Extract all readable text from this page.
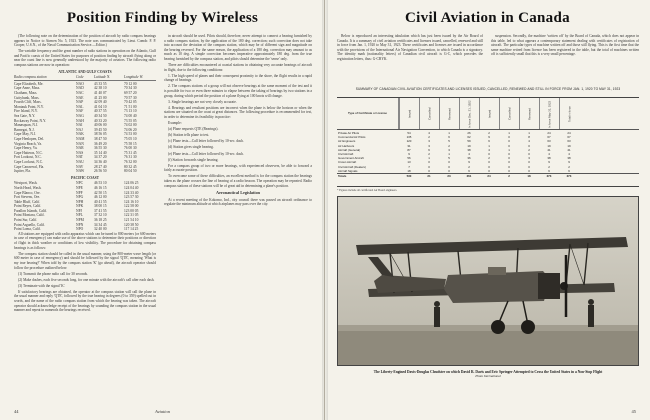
Position Finding by Wireless

(The following note on the determination of the position of aircraft by radio compass bearings appears in Notice to Airmen No. 5, 1923. The note was communicated by Lieut. Comdr. F. P. Cooper, U.S.N., of the Naval Communication Service.—Editor.)

The variable frequency and the great number of radio stations in operation on the Atlantic, Gulf and Pacific coasts of the United States for purposes of position finding by aircraft flying along or near the coast line is now generally understood by the majority of aviators. The following radio compass stations are now in operation:

ATLANTIC AND GULF COASTS
Radio compass station	Code	Latitude N.	Longitude W.
Cape Elizabeth, Me.	NAO	43 33 55	70 12 00
Cape Anne, Mass.	NAD	42 38 10	70 34 30
Chatham, Mass.	NAC	41 40 07	69 57 20
Cuttyhunk, Mass.	NAE	41 25 00	70 57 30
Fourth Cliff, Mass.	NAP	42 09 40	70 42 05
Montauk Point, N.Y.	NAL	41 04 10	71 51 00
Fire Island, N.Y.	NAF	40 37 55	73 13 10
Sea Gate, N.Y.	NAG	40 34 50	74 00 40
Rockaway Point, N.Y.	NAH	40 33 20	73 55 05
Manasquan, N.J.	NAI	40 06 00	74 02 00
Barnegat, N.J.	NAJ	39 45 50	74 06 20
Cape May, N.J.	NAK	38 56 05	74 53 00
Cape Henlopen, Del.	NAM	38 47 50	75 05 10
Virginia Beach, Va.	NAN	36 49 20	75 58 15
Cape Henry, Va.	NAR	36 55 30	76 00 30
Cape Hatteras, N.C.	NAS	35 14 40	75 31 45
Fort Lookout, N.C.	NAT	34 37 20	76 31 30
Cape Lookout, N.C.	NAU	34 36 40	76 32 00
Cape Canaveral, Fla.	NAV	28 27 40	80 32 45
Jupiter, Fla.	NAW	26 56 50	80 04 50
PACIFIC COAST
Westport, Wash.	NPC	46 53 10	124 06 25
North Head, Wash.	NPE	46 16 15	124 04 40
Cape Blanco, Ore.	NPF	42 50 15	124 33 40
Fort Stevens, Ore.	NPG	46 12 00	123 57 30
Table Bluff, Calif.	NPH	40 41 55	124 16 10
Point Reyes, Calif.	NPK	38 00 15	122 58 00
Farallon Islands, Calif.	NPJ	37 41 55	123 00 05
Point Montara, Calif.	NPL	37 32 10	122 31 05
Point Sur, Calif.	NPM	36 18 25	121 54 10
Point Arguello, Calif.	NPN	34 34 45	120 38 50
Point Loma, Calif.	NPO	32 40 00	117 14 25

All stations are equipped with radio apparatus which can be tuned to 800 meters (or 600 meters in case of emergency) can make use of the above stations to determine their positions or direction of flight in thick weather or conditions of low visibility. The procedure for obtaining compass bearings is as follows:

The compass station should be called in the usual manner, using the 800-meter wave length (or 600 meter in case of emergency) and should be followed by the signal 'QTE', meaning 'What is my true bearing?' When told by the compass station 'K' (go ahead), the aircraft operator should follow the procedure outlined below:

(1) Transmit the phone radio call for 30 seconds.

(2) Make dashes, each five seconds long, for one minute with the aircraft's call after each dash.

(3) Terminate with the signal 'K'.

If satisfactory bearings are obtained, the operator at the compass station will call the plane in the usual manner and reply 'QTE', followed by the true bearing in degrees (0 to 359) spelled out in words, and the name of the radio compass station from which the bearing was taken. The aircraft operator should acknowledge receipt of the bearings by sounding the compass station in the usual manner and repeat in numerals the bearings received.

in aircraft should be used. Pilots should, therefore, never attempt to connect a bearing furnished by a radio compass station, by the application of the 180 deg. correction; such correction does not take into account the deviation of the compass station, which may be of different sign and magnitude on the bearing reversed. For the same reason, the application of a 180 deg. correction may amount to as much as 10 deg. A simple correction becomes imperative approximately 180 deg. from the true bearing furnished by the compass station, and pilots should determine the 'sense' only.

There are difficulties encountered at coastal stations in obtaining very accurate bearings of aircraft in flight, due to the following conditions:

1. The high speed of planes and their consequent proximity to the shore, the flight results in a rapid change of bearings.

2. The compass stations of a group will not observe bearings at the same moment of the test and it is possible for two or even three minutes to elapse between the taking of bearings by two stations in a group, during which period the position of a plane flying at 100 knots will change.

3. Single bearings are not very closely accurate.

4. Bearings and resultant positions are incorrect when the plane is below the horizon or when the stations are situated on the coast at great distances. The following procedure is recommended for test, in order to determine its feasibility in practice:

Example:

(a) Plane requests QTE (Bearings).

(b) Station tells plane to test.

(c) Plane tests—Call letter followed by 10-sec. dash.

(d) Station gives single bearing.

(e) Plane tests—Call letter followed by 10-sec. dash.

(f) Station forwards single bearing.

For a compass group of two or more bearings, with experienced observers, be able to forward a fairly accurate position.

To overcome some of these difficulties, an excellent method is for the compass station the bearings taken as the plane crosses the line of bearing of a radio beacon. The operation may be repeated. Radio compass stations of these stations will be of great aid in determining a plane's position.

Aeronautical Legislation

At a recent meeting of the Kokomo, Ind., city council there was passed an aircraft ordinance to regulate the minimum altitude at which airplanes may pass over the city.

44	Aviation
Civil Aviation in Canada

Below is reproduced an interesting tabulation which has just been issued by the Air Board of Canada. It is a summary of civil aviation certificates and licenses issued, cancelled, renewed and still in force from Jan. 1, 1920 to May 31, 1923. These certificates and licenses are issued in accordance with the provisions of the International Air Navigation Convention, to which Canada is a signatory. The identity mark (nationality letters) of Canadian civil aircraft is G-C, which precedes the registration letters, thus: G-CBYK.

suspension. Secondly, the machine 'written off' by the Board of Canada, which does not appear in this table, led to what appears a contemporary statement dealing with certificates of registration of aircraft. The particular types of machine written off and those still flying. This is the first time that the same machine retired from licence has been registered in the table, but the total of machines written off is sufficiently small that this is a very small percentage.

SUMMARY OF CANADIAN CIVIL AVIATION CERTIFICATES AND LICENSES ISSUED, CANCELLED, RENEWED AND STILL IN FORCE FROM JAN. 1, 1920 TO MAY 31, 1923
Type of Certificate or License	Issued	Cancelled	Renewed	In force Dec. 31, 1922	Issued	Cancelled	Renewed	In force May 31, 1923	Total in force
Private Air Pilots	54	4	1	26	2	1	1	24	24
Commercial Air Pilots	135	2	6	62	9	0	8	67	67
Air Engineers	120	3	5	59	6	0	4	63	63
Air Harbours	31	3	2	19	1	0	0	19	19
Aircraft (General)	87	6	3	38	4	1	2	41	41
Civil Aircraft	9	2	1	4	0	0	0	4	4
Government Aircraft	56	1	5	36	2	0	3	38	38
Crown Aircraft	13	0	0	9	0	0	0	9	9
Civil Aircraft (Dealers)	7	0	0	2	0	0	0	2	2
Aircraft Signals	18	0	0	6	0	0	0	6	6
Totals	530	21	23	261	24	2	18	273	273
* Figures include all certificated Air Board engineers.
The Liberty-Engined Davis-Douglas Cloudster on which David R. Davis and Eric Springer Attempted to Cross the United States in a Non-Stop Flight
Photo International
45
